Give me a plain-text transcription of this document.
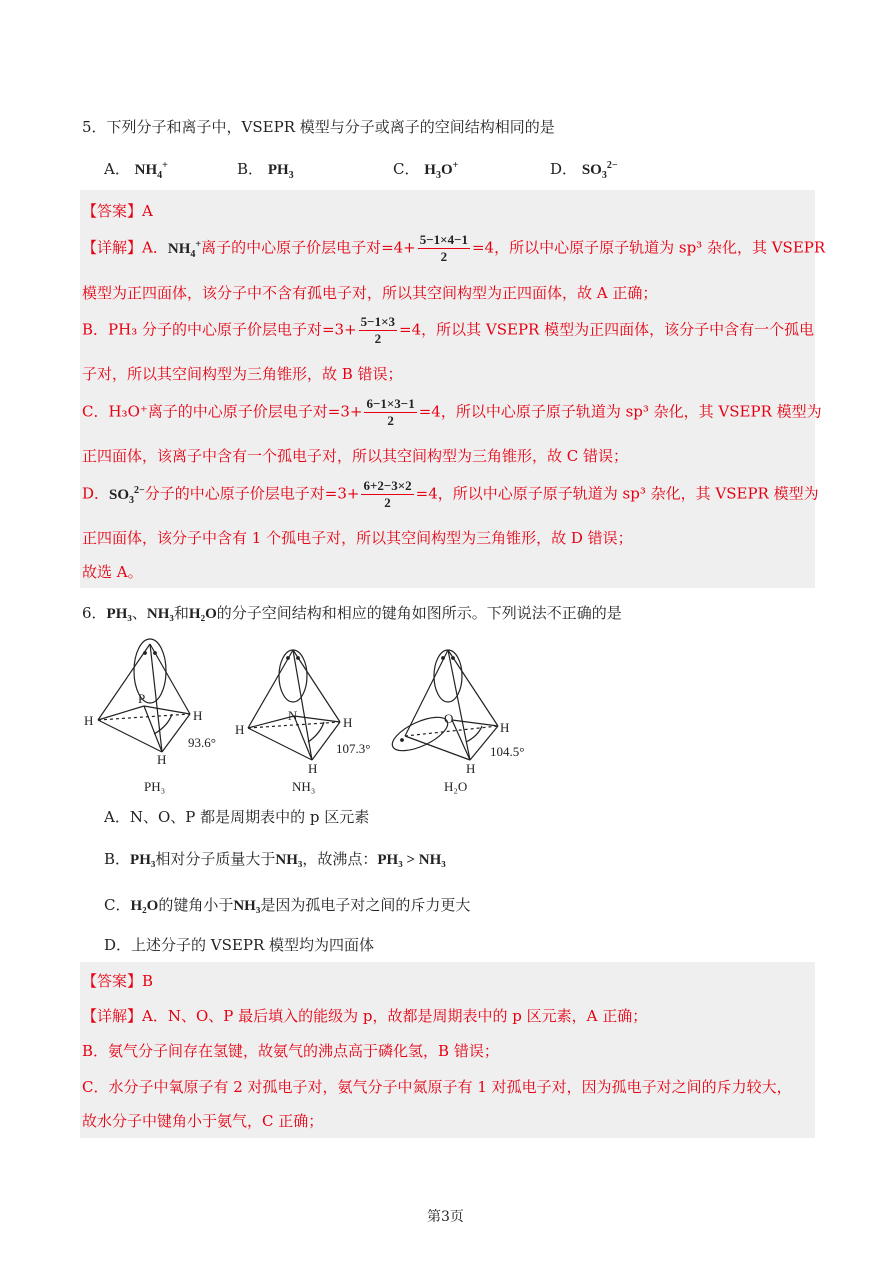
5．下列分子和离子中，VSEPR 模型与分子或离子的空间结构相同的是
A． $NH_4^+$	B． $PH_3$	C． $H_3O^+$	D． $SO_3^{2-}$
【答案】A
【详解】A．$NH_4^+$离子的中心原子价层电子对$=4+ \frac{5-1\times 4-1}{2} =4$，所以中心原子原子轨道为 sp³ 杂化，其 VSEPR
模型为正四面体，该分子中不含有孤电子对，所以其空间构型为正四面体，故 A 正确；
B．PH₃ 分子的中心原子价层电子对$=3+ \frac{5-1\times 3}{2} =4$，所以其 VSEPR 模型为正四面体，该分子中含有一个孤电
子对，所以其空间构型为三角锥形，故 B 错误；
C．H₃O⁺离子的中心原子价层电子对$=3+ \frac{6-1\times 3-1}{2} =4$，所以中心原子原子轨道为 sp³ 杂化，其 VSEPR 模型为
正四面体，该离子中含有一个孤电子对，所以其空间构型为三角锥形，故 C 错误；
D．$SO_3^{2-}$分子的中心原子价层电子对$=3+ \frac{6+2-3\times 2}{2} =4$，所以中心原子原子轨道为 sp³ 杂化，其 VSEPR 模型为
正四面体，该分子中含有 1 个孤电子对，所以其空间构型为三角锥形，故 D 错误；
故选 A。
6．PH₃、NH₃和H₂O的分子空间结构和相应的键角如图所示。下列说法不正确的是
P
H	H
H
93.6°
PH₃
N
H	H
H
107.3°
NH₃
O
H
H
104.5°
H₂O
A．N、O、P 都是周期表中的 p 区元素
B．PH₃相对分子质量大于NH₃，故沸点：PH₃ > NH₃
C．H₂O的键角小于NH₃是因为孤电子对之间的斥力更大
D．上述分子的 VSEPR 模型均为四面体
【答案】B
【详解】A．N、O、P 最后填入的能级为 p，故都是周期表中的 p 区元素，A 正确；
B．氨气分子间存在氢键，故氨气的沸点高于磷化氢，B 错误；
C．水分子中氧原子有 2 对孤电子对，氨气分子中氮原子有 1 对孤电子对，因为孤电子对之间的斥力较大，
故水分子中键角小于氨气，C 正确；
第3页
